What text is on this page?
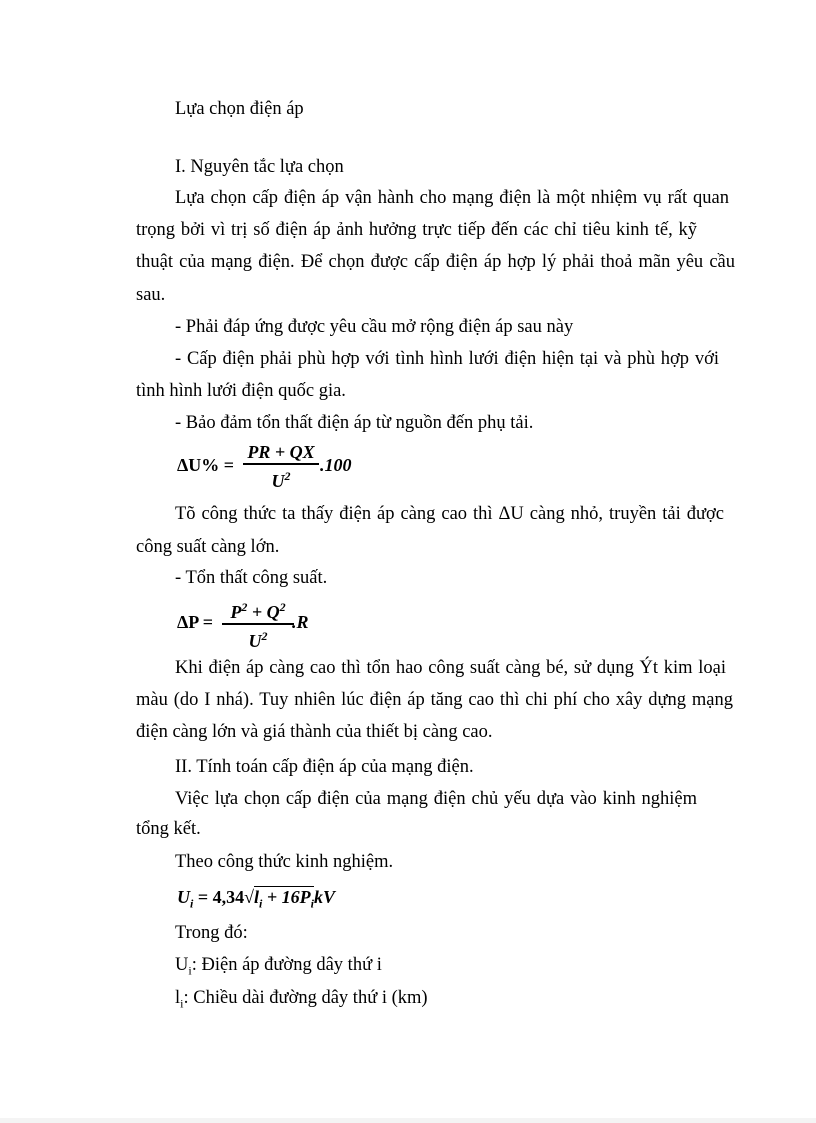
Lựa chọn điện áp
I. Nguyên tắc lựa chọn
Lựa chọn cấp điện áp vận hành cho mạng điện là một nhiệm vụ rất quan
trọng bởi vì trị số điện áp ảnh hưởng trực tiếp đến các chỉ tiêu kinh tế, kỹ
thuật của mạng điện. Để chọn được cấp điện áp hợp lý phải thoả mãn yêu cầu
sau.
- Phải đáp ứng được yêu cầu mở rộng điện áp sau này
- Cấp điện phải phù hợp với tình hình lưới điện hiện tại và phù hợp với
tình hình lưới điện quốc gia.
- Bảo đảm tổn thất điện áp từ nguồn đến phụ tải.
ΔU% =
PR + QX
$U^2$
.100
Tõ công thức ta thấy điện áp càng cao thì ΔU càng nhỏ, truyền tải được
công suất càng lớn.
- Tổn thất công suất.
$\Delta P = P^2 + Q^2$
$U^2$
.R
Khi điện áp càng cao thì tổn hao công suất càng bé, sử dụng Ýt kim loại
màu (do I nhá). Tuy nhiên lúc điện áp tăng cao thì chi phí cho xây dựng mạng
điện càng lớn và giá thành của thiết bị càng cao.
II. Tính toán cấp điện áp của mạng điện.
Việc lựa chọn cấp điện của mạng điện chủ yếu dựa vào kinh nghiệm
tổng kết.
Theo công thức kinh nghiệm.
$U_i = 4,34√l_i + 16P_ikV$
Trong đó:
$U_i$: Điện áp đường dây thứ i
$l_i$: Chiều dài đường dây thứ i (km)
